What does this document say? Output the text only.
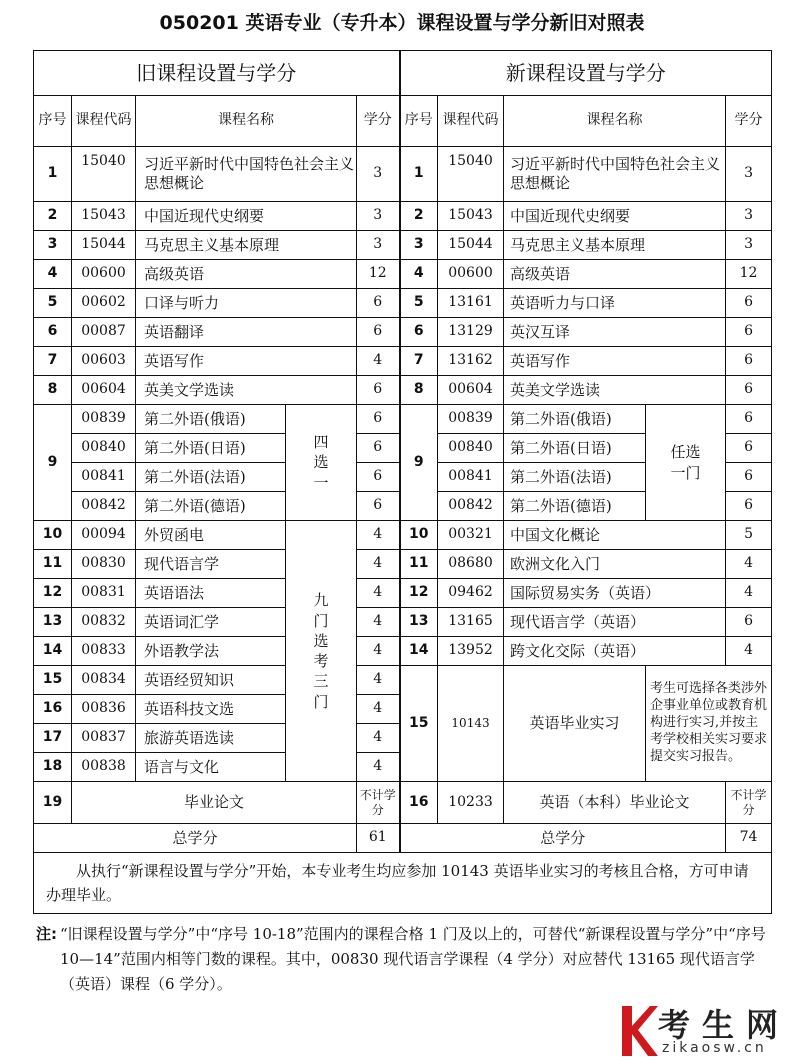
050201 英语专业（专升本）课程设置与学分新旧对照表
旧课程设置与学分					新课程设置与学分				
序号	课程代码	课程名称		学分	序号	课程代码	课程名称		学分
1	15040	习近平新时代中国特色社会主义思想概论		3	1	15040	习近平新时代中国特色社会主义思想概论		3
2	15043	中国近现代史纲要		3	2	15043	中国近现代史纲要		3
3	15044	马克思主义基本原理		3	3	15044	马克思主义基本原理		3
4	00600	高级英语		12	4	00600	高级英语		12
5	00602	口译与听力		6	5	13161	英语听力与口译		6
6	00087	英语翻译		6	6	13129	英汉互译		6
7	00603	英语写作		4	7	13162	英语写作		6
8	00604	英美文学选读		6	8	00604	英美文学选读		6
9	00839	第二外语(俄语)	四选一	6	9	00839	第二外语(俄语)	任选一门	6
	00840	第二外语(日语)		6		00840	第二外语(日语)		6
	00841	第二外语(法语)		6		00841	第二外语(法语)		6
	00842	第二外语(德语)		6		00842	第二外语(德语)		6
10	00094	外贸函电	九门选考三门	4	10	00321	中国文化概论		5
11	00830	现代语言学		4	11	08680	欧洲文化入门		4
12	00831	英语语法		4	12	09462	国际贸易实务（英语）		4
13	00832	英语词汇学		4	13	13165	现代语言学（英语）		6
14	00833	外语教学法		4	14	13952	跨文化交际（英语）		4
15	00834	英语经贸知识		4	15	10143	英语毕业实习	考生可选择各类涉外企事业单位或教育机构进行实习,并按主考学校相关实习要求提交实习报告。	
16	00836	英语科技文选		4					
17	00837	旅游英语选读		4					
18	00838	语言与文化		4					
19	毕业论文			不计学分	16	10233	英语（本科）毕业论文		不计学分
总学分				61	总学分				74
从执行“新课程设置与学分”开始，本专业考生均应参加 10143 英语毕业实习的考核且合格，方可申请办理毕业。									
注: “旧课程设置与学分”中“序号 10-18”范围内的课程合格 1 门及以上的，可替代“新课程设置与学分”中“序号 10—14”范围内相等门数的课程。其中，00830 现代语言学课程（4 学分）对应替代 13165 现代语言学（英语）课程（6 学分）。
考生网
zikaosw.cn
